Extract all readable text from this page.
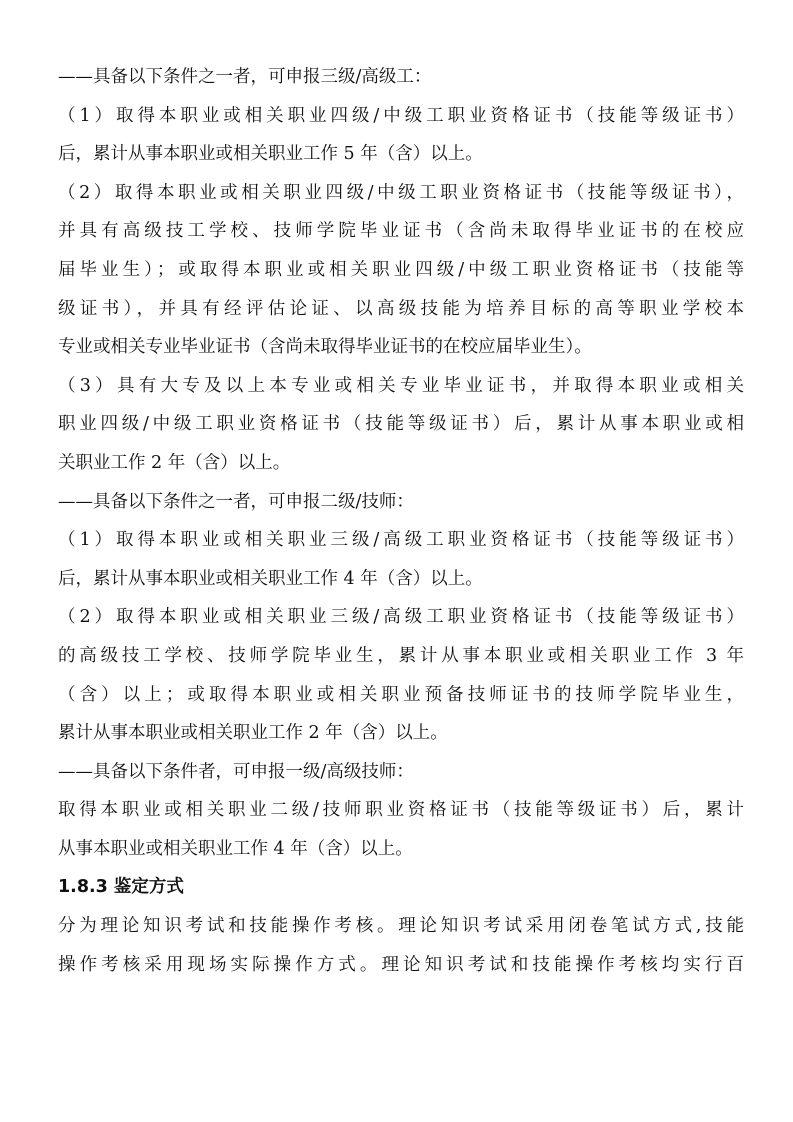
——具备以下条件之一者，可申报三级/高级工：
（1）取得本职业或相关职业四级/中级工职业资格证书（技能等级证书）
后，累计从事本职业或相关职业工作 5 年（含）以上。
（2）取得本职业或相关职业四级/中级工职业资格证书（技能等级证书），
并具有高级技工学校、技师学院毕业证书（含尚未取得毕业证书的在校应
届毕业生）；或取得本职业或相关职业四级/中级工职业资格证书（技能等
级证书），并具有经评估论证、以高级技能为培养目标的高等职业学校本
专业或相关专业毕业证书（含尚未取得毕业证书的在校应届毕业生）。
（3）具有大专及以上本专业或相关专业毕业证书，并取得本职业或相关
职业四级/中级工职业资格证书（技能等级证书）后，累计从事本职业或相
关职业工作 2 年（含）以上。
——具备以下条件之一者，可申报二级/技师：
（1）取得本职业或相关职业三级/高级工职业资格证书（技能等级证书）
后，累计从事本职业或相关职业工作 4 年（含）以上。
（2）取得本职业或相关职业三级/高级工职业资格证书（技能等级证书）
的高级技工学校、技师学院毕业生，累计从事本职业或相关职业工作 3 年
（含）以上；或取得本职业或相关职业预备技师证书的技师学院毕业生，
累计从事本职业或相关职业工作 2 年（含）以上。
——具备以下条件者，可申报一级/高级技师：
取得本职业或相关职业二级/技师职业资格证书（技能等级证书）后，累计
从事本职业或相关职业工作 4 年（含）以上。
1.8.3 鉴定方式
分为理论知识考试和技能操作考核。理论知识考试采用闭卷笔试方式,技能
操作考核采用现场实际操作方式。理论知识考试和技能操作考核均实行百
